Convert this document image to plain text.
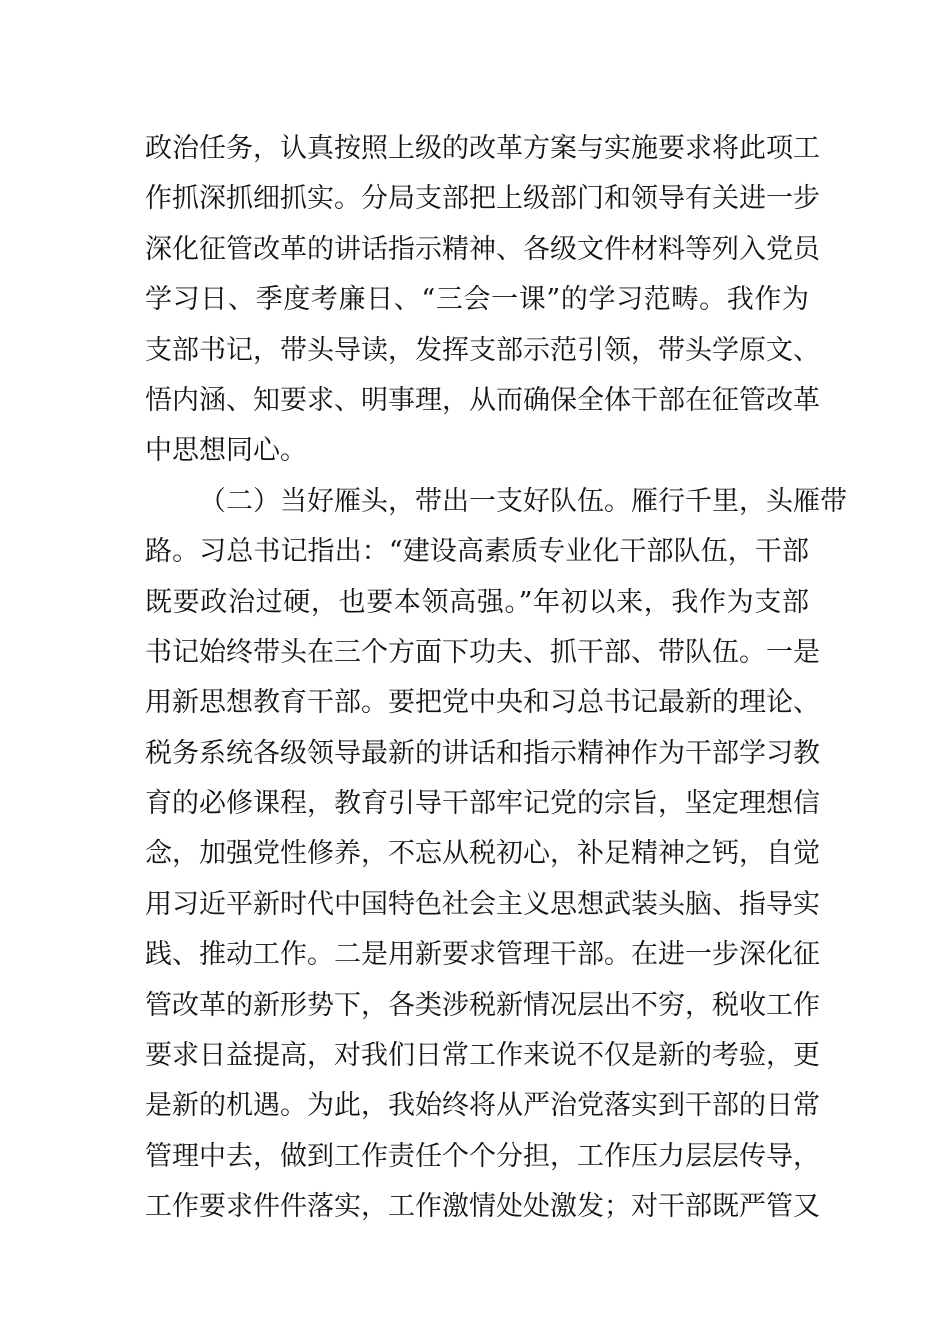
政治任务，认真按照上级的改革方案与实施要求将此项工
作抓深抓细抓实。分局支部把上级部门和领导有关进一步
深化征管改革的讲话指示精神、各级文件材料等列入党员
学习日、季度考廉日、“三会一课”的学习范畴。我作为
支部书记，带头导读，发挥支部示范引领，带头学原文、
悟内涵、知要求、明事理，从而确保全体干部在征管改革
中思想同心。
（二）当好雁头，带出一支好队伍。雁行千里，头雁带
路。习总书记指出：“建设高素质专业化干部队伍，干部
既要政治过硬，也要本领高强。”年初以来，我作为支部
书记始终带头在三个方面下功夫、抓干部、带队伍。一是
用新思想教育干部。要把党中央和习总书记最新的理论、
税务系统各级领导最新的讲话和指示精神作为干部学习教
育的必修课程，教育引导干部牢记党的宗旨，坚定理想信
念，加强党性修养，不忘从税初心，补足精神之钙，自觉
用习近平新时代中国特色社会主义思想武装头脑、指导实
践、推动工作。二是用新要求管理干部。在进一步深化征
管改革的新形势下，各类涉税新情况层出不穷，税收工作
要求日益提高，对我们日常工作来说不仅是新的考验，更
是新的机遇。为此，我始终将从严治党落实到干部的日常
管理中去，做到工作责任个个分担，工作压力层层传导，
工作要求件件落实，工作激情处处激发；对干部既严管又
